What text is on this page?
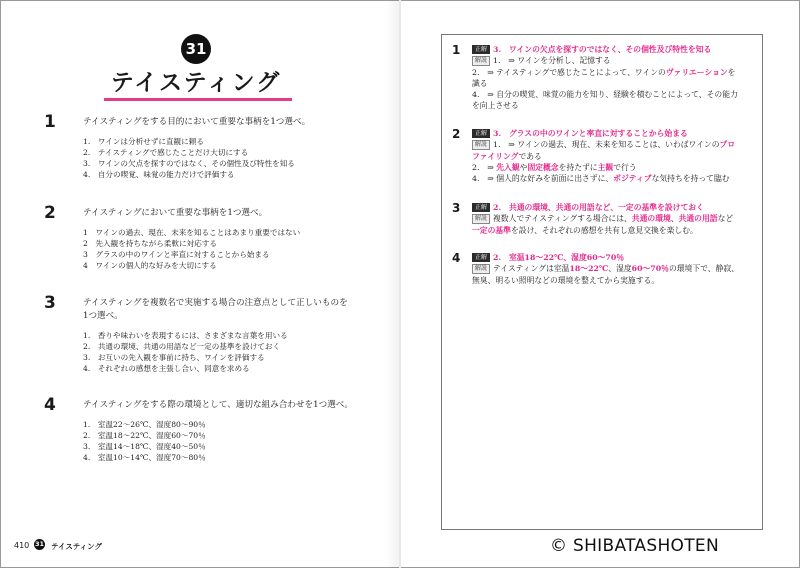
31
テイスティング
1	テイスティングをする目的において重要な事柄を1つ選べ。
1.　ワインは分析せずに直観に頼る
2.　テイスティングで感じたことだけ大切にする
3.　ワインの欠点を探すのではなく、その個性及び特性を知る
4.　自分の喫覚、味覚の能力だけで評価する
2	テイスティングにおいて重要な事柄を1つ選べ。
1　ワインの過去、現在、未来を知ることはあまり重要ではない
2　先入観を持ちながら柔軟に対応する
3　グラスの中のワインと率直に対することから始まる
4　ワインの個人的な好みを大切にする
3	テイスティングを複数名で実施する場合の注意点として正しいものを1つ選べ。
1.　香りや味わいを表現するには、さまざまな言葉を用いる
2.　共通の環境、共通の用語など一定の基準を設けておく
3.　お互いの先入観を事前に持ち、ワインを評価する
4.　それぞれの感想を主張し合い、同意を求める
4	テイスティングをする際の環境として、適切な組み合わせを1つ選べ。
1.　室温22～26℃、湿度80～90％
2.　室温18～22℃、湿度60～70％
3.　室温14～18℃、湿度40～50％
4.　室温10～14℃、湿度70～80％
410 31 テイスティング
1	正解 3.　ワインの欠点を探すのではなく、その個性及び特性を知る
解説 1.　⇒ ワインを分析し、記憶する
2.　⇒ テイスティングで感じたことによって、ワインのヴァリエーションを
識る
4.　⇒ 自分の喫覚、味覚の能力を知り、経験を積むことによって、その能力
を向上させる
2	正解 3.　グラスの中のワインと率直に対することから始まる
解説 1.　⇒ ワインの過去、現在、未来を知ることは、いわばワインのプロ
ファイリングである
2.　⇒ 先入観や固定概念を持たずに主観で行う
4.　⇒ 個人的な好みを前面に出さずに、ポジティブな気持ちを持って臨む
3	正解 2.　共通の環境、共通の用語など、一定の基準を設けておく
解説 複数人でテイスティングする場合には、共通の環境、共通の用語など
一定の基準を設け、それぞれの感想を共有し意見交換を楽しむ。
4	正解 2.　室温18～22℃、湿度60～70％
解説 テイスティングは室温18～22℃、湿度60～70％の環境下で、静寂、
無臭、明るい照明などの環境を整えてから実施する。
© SHIBATASHOTEN
